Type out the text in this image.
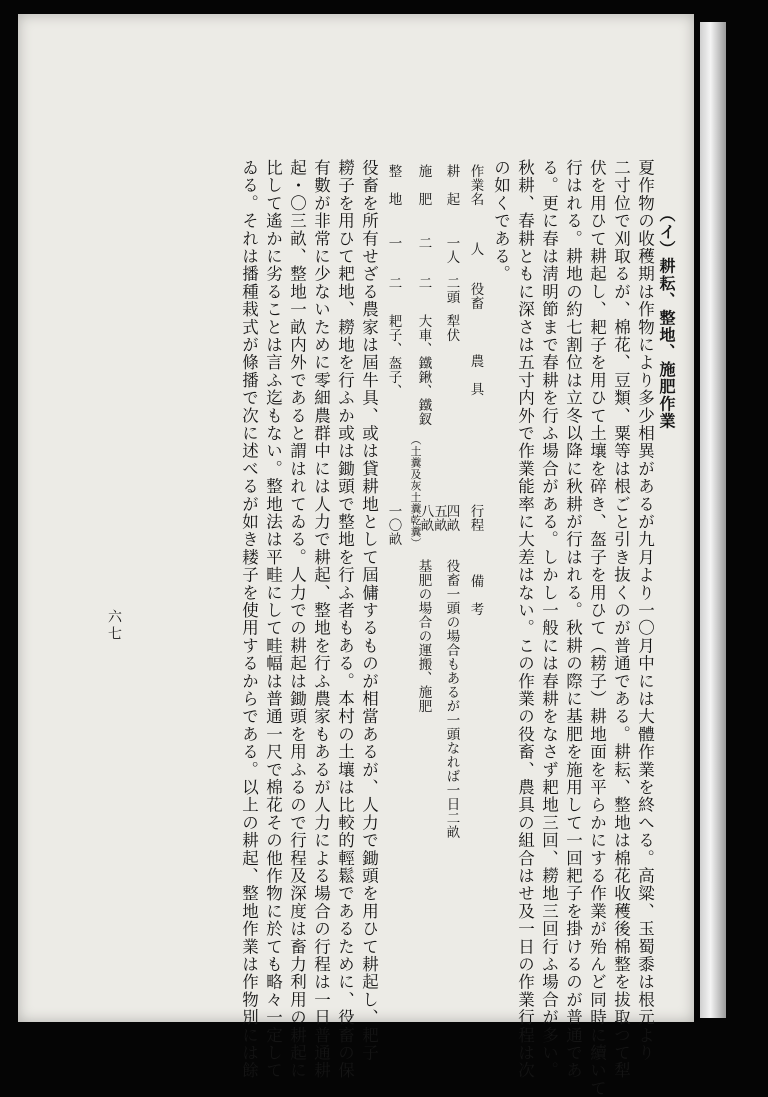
（イ）耕耘、整地、施肥作業
夏作物の收穫期は作物により多少相異があるが九月より一〇月中には大體作業を終へる。高粱、玉蜀黍は根元より
二寸位で刈取るが、棉花、豆類、粟等は根ごと引き抜くのが普通である。耕耘、整地は棉花收穫後棉整を拔取つて犁
伏を用ひて耕起し、耙子を用ひて土壤を碎き、盔子を用ひて（耢子）耕地面を平らかにする作業が殆んど同時に續いて
行はれる。耕地の約七割位は立冬以降に秋耕が行はれる。秋耕の際に基肥を施用して一回耙子を掛けるのが普通であ
る。更に春は淸明節まで春耕を行ふ場合がある。しかし一般には春耕をなさず耙地三回、耮地三回行ふ場合が多い。
秋耕、春耕ともに深さは五寸内外で作業能率に大差はない。この作業の役畜、農具の組合はせ及一日の作業行程は次
の如くである。
作業名
人
役畜
農　具
行程
備　考
耕　起
一人
二頭
犁伏
四畝
役畜一頭の場合もあるが一頭なれば一日二畝
施　肥
二
二
大車、鐵鍬、鐵釵
（土糞及灰土糞乾糞） 五畝
八畝
基肥の場合の運搬、施肥
整　地
一
二
耙子、盔子、
一〇畝
役畜を所有せざる農家は屆牛具、或は貸耕地として屆傭するものが相當あるが、人力で鋤頭を用ひて耕起し、耙子
耮子を用ひて耙地、耮地を行ふか或は鋤頭で整地を行ふ者もある。本村の土壤は比較的輕鬆であるために、役畜の保
有數が非常に少ないために零細農群中には人力で耕起、整地を行ふ農家もあるが人力による場合の行程は一日普通耕
起・〇三畝、整地一畝内外であると謂はれてゐる。人力での耕起は鋤頭を用ふるので行程及深度は畜力利用の耕起に
比して遙かに劣ることは言ふ迄もない。整地法は平畦にして畦幅は普通一尺で棉花その他作物に於ても略々一定して
ゐる。それは播種栽式が條播で次に述べるが如き耧子を使用するからである。以上の耕起、整地作業は作物別には餘
六七
